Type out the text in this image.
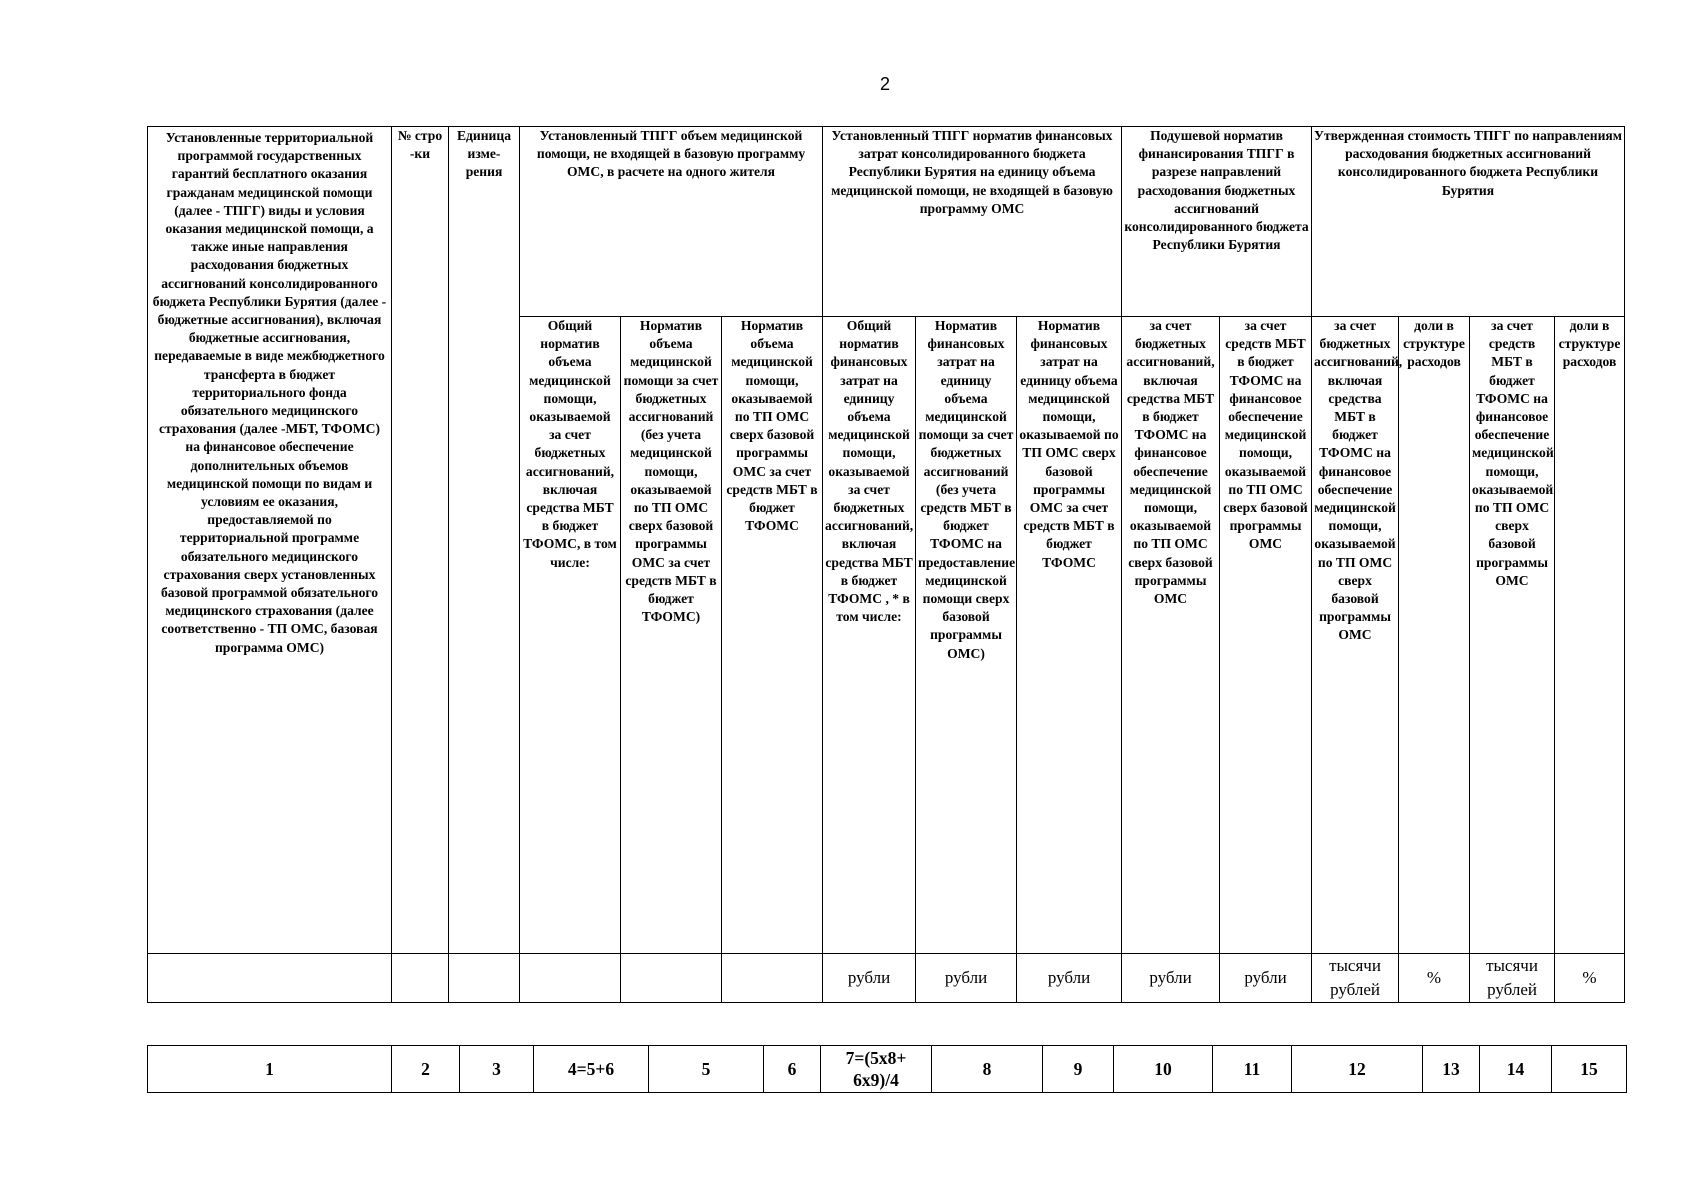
2
Установленные территориальной программой государственных гарантий бесплатного оказания гражданам медицинской помощи (далее - ТПГГ) виды и условия оказания медицинской помощи, а также иные направления расходования бюджетных ассигнований консолидированного бюджета Республики Бурятия (далее - бюджетные ассигнования), включая бюджетные ассигнования, передаваемые в виде межбюджетного трансферта в бюджет территориального фонда обязательного медицинского страхования (далее -МБТ, ТФОМС) на финансовое обеспечение дополнительных объемов медицинской помощи по видам и условиям ее оказания, предоставляемой по территориальной программе обязательного медицинского страхования сверх установленных базовой программой обязательного медицинского страхования (далее соответственно - ТП ОМС, базовая программа ОМС)	№ стро -ки	Единица изме- рения	Установленный ТПГГ объем медицинской помощи, не входящей в базовую программу ОМС, в расчете на одного жителя			Установленный ТПГГ норматив финансовых затрат консолидированного бюджета Республики Бурятия на единицу объема медицинской помощи, не входящей в базовую программу ОМС			Подушевой норматив финансирования ТПГГ в разрезе направлений расходования бюджетных ассигнований консолидированного бюджета Республики Бурятия		Утвержденная стоимость ТПГГ по направлениям расходования бюджетных ассигнований консолидированного бюджета Республики Бурятия			
			Общий норматив объема медицинской помощи, оказываемой за счет бюджетных ассигнований, включая средства МБТ в бюджет ТФОМС, в том числе:	Норматив объема медицинской помощи за счет бюджетных ассигнований (без учета медицинской помощи, оказываемой по ТП ОМС сверх базовой программы ОМС за счет средств МБТ в бюджет ТФОМС)	Норматив объема медицинской помощи, оказываемой по ТП ОМС сверх базовой программы ОМС за счет средств МБТ в бюджет ТФОМС	Общий норматив финансовых затрат на единицу объема медицинской помощи, оказываемой за счет бюджетных ассигнований, включая средства МБТ в бюджет ТФОМС , * в том числе:	Норматив финансовых затрат на единицу объема медицинской помощи за счет бюджетных ассигнований (без учета средств МБТ в бюджет ТФОМС на предоставление медицинской помощи сверх базовой программы ОМС)	Норматив финансовых затрат на единицу объема медицинской помощи, оказываемой по ТП ОМС сверх базовой программы ОМС за счет средств МБТ в бюджет ТФОМС	за счет бюджетных ассигнований, включая средства МБТ в бюджет ТФОМС на финансовое обеспечение медицинской помощи, оказываемой по ТП ОМС сверх базовой программы ОМС	за счет средств МБТ в бюджет ТФОМС на финансовое обеспечение медицинской помощи, оказываемой по ТП ОМС сверх базовой программы ОМС	за счет бюджетных ассигнований, включая средства МБТ в бюджет ТФОМС на финансовое обеспечение медицинской помощи, оказываемой по ТП ОМС сверх базовой программы ОМС	доли в структуре расходов	за счет средств МБТ в бюджет ТФОМС на финансовое обеспечение медицинской помощи, оказываемой по ТП ОМС сверх базовой программы ОМС	доли в структуре расходов
						рубли	рубли	рубли	рубли	рубли	тысячи рублей	%	тысячи рублей	%
1	2	3	4=5+6	5	6	7=(5х8+ 6х9)/4	8	9	10	11	12	13	14	15
